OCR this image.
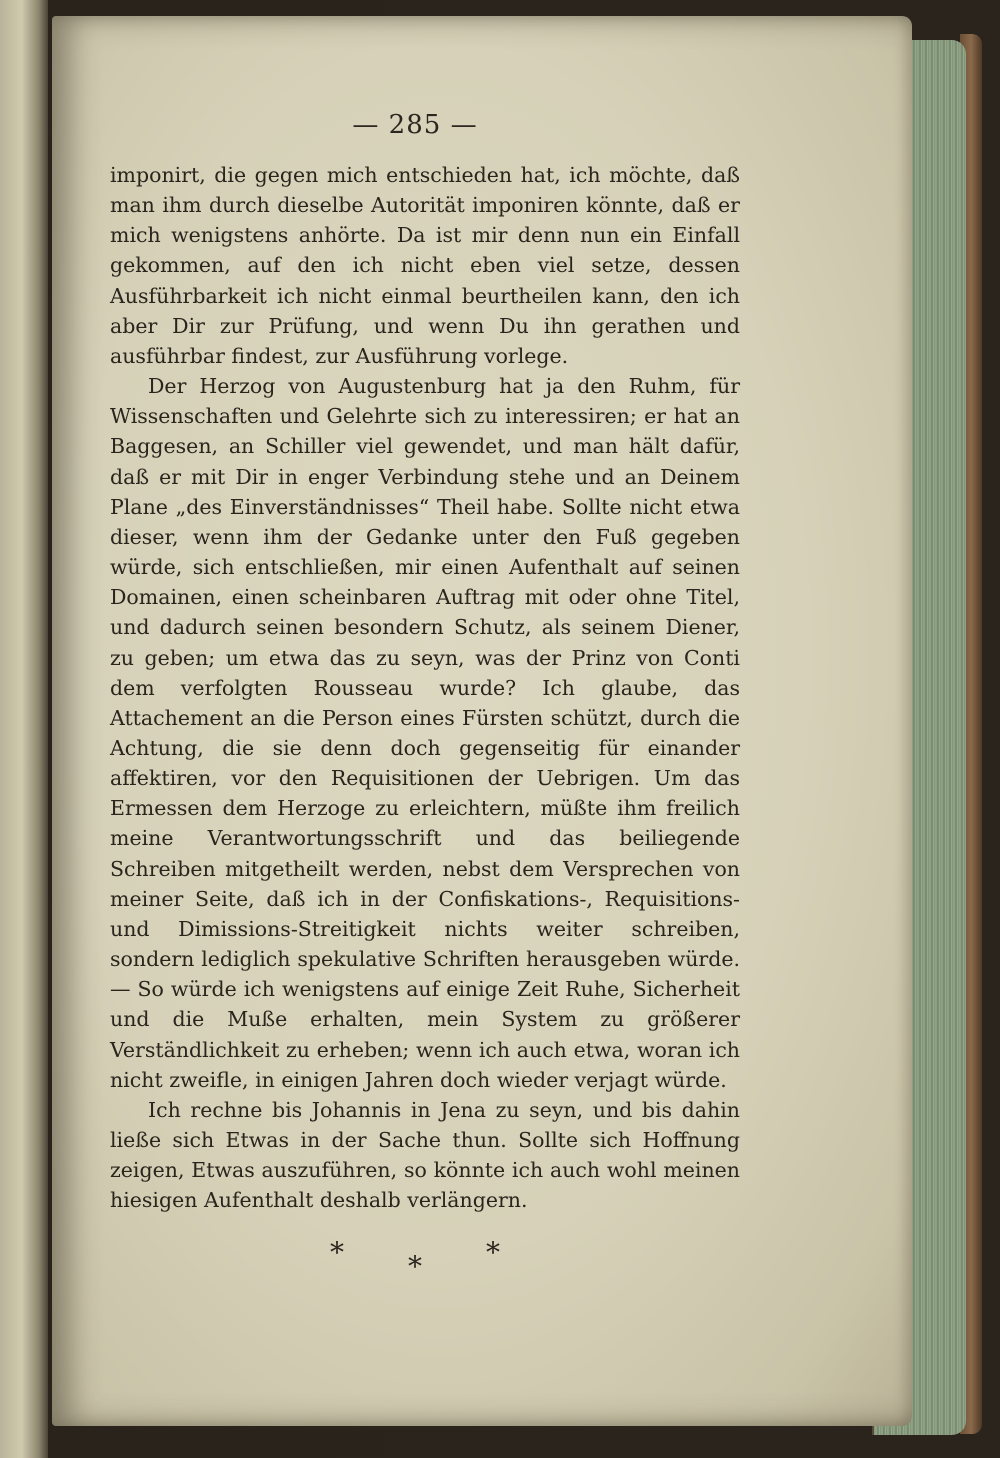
— 285 —

imponirt, die gegen mich entschieden hat, ich möchte, daß man ihm durch dieselbe Autorität imponiren könnte, daß er mich wenigstens anhörte. Da ist mir denn nun ein Einfall gekommen, auf den ich nicht eben viel setze, dessen Ausführbarkeit ich nicht einmal beurtheilen kann, den ich aber Dir zur Prüfung, und wenn Du ihn gerathen und ausführbar findest, zur Ausführung vorlege.

Der Herzog von Augustenburg hat ja den Ruhm, für Wissenschaften und Gelehrte sich zu interessiren; er hat an Baggesen, an Schiller viel gewendet, und man hält dafür, daß er mit Dir in enger Verbindung stehe und an Deinem Plane „des Einverständnisses“ Theil habe. Sollte nicht etwa dieser, wenn ihm der Gedanke unter den Fuß gegeben würde, sich entschließen, mir einen Aufenthalt auf seinen Domainen, einen scheinbaren Auftrag mit oder ohne Titel, und dadurch seinen besondern Schutz, als seinem Diener, zu geben; um etwa das zu seyn, was der Prinz von Conti dem verfolgten Rousseau wurde? Ich glaube, das Attachement an die Person eines Fürsten schützt, durch die Achtung, die sie denn doch gegenseitig für einander affektiren, vor den Requisitionen der Uebrigen. Um das Ermessen dem Herzoge zu erleichtern, müßte ihm freilich meine Verantwortungsschrift und das beiliegende Schreiben mitgetheilt werden, nebst dem Versprechen von meiner Seite, daß ich in der Confiskations-, Requisitions- und Dimissions-Streitigkeit nichts weiter schreiben, sondern lediglich spekulative Schriften herausgeben würde. — So würde ich wenigstens auf einige Zeit Ruhe, Sicherheit und die Muße erhalten, mein System zu größerer Verständlichkeit zu erheben; wenn ich auch etwa, woran ich nicht zweifle, in einigen Jahren doch wieder verjagt würde.

Ich rechne bis Johannis in Jena zu seyn, und bis dahin ließe sich Etwas in der Sache thun. Sollte sich Hoffnung zeigen, Etwas auszuführen, so könnte ich auch wohl meinen hiesigen Aufenthalt deshalb verlängern.

* * *
